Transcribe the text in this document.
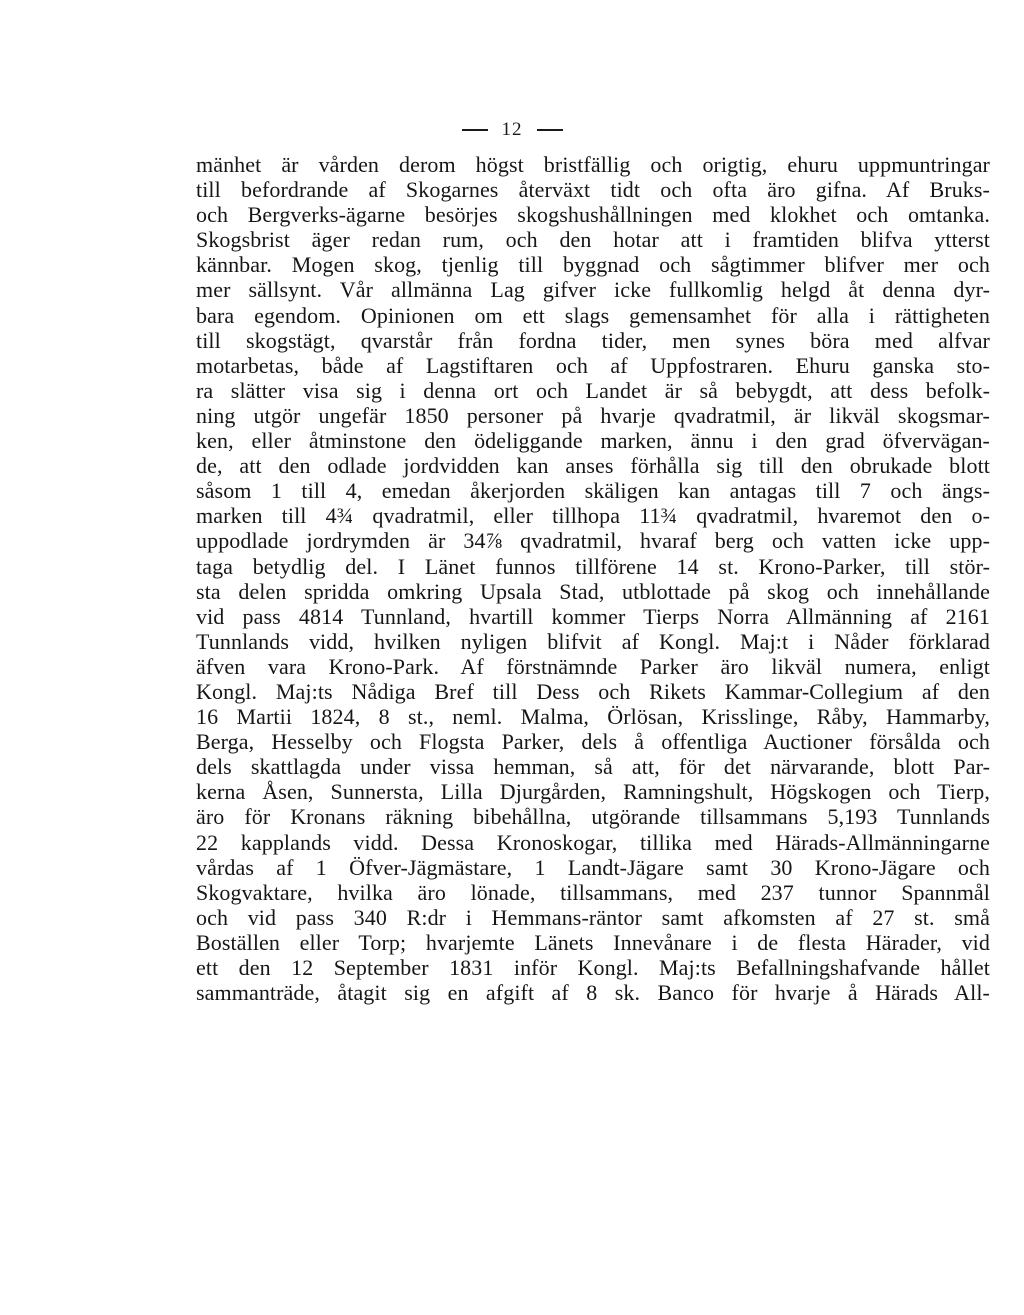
12
mänhet är vården derom högst bristfällig och origtig, ehuru uppmuntringar
till befordrande af Skogarnes återväxt tidt och ofta äro gifna. Af Bruks-
och Bergverks-ägarne besörjes skogshushållningen med klokhet och omtanka.
Skogsbrist äger redan rum, och den hotar att i framtiden blifva ytterst
kännbar. Mogen skog, tjenlig till byggnad och sågtimmer blifver mer och
mer sällsynt. Vår allmänna Lag gifver icke fullkomlig helgd åt denna dyr-
bara egendom. Opinionen om ett slags gemensamhet för alla i rättigheten
till skogstägt, qvarstår från fordna tider, men synes böra med alfvar
motarbetas, både af Lagstiftaren och af Uppfostraren. Ehuru ganska sto-
ra slätter visa sig i denna ort och Landet är så bebygdt, att dess befolk-
ning utgör ungefär 1850 personer på hvarje qvadratmil, är likväl skogsmar-
ken, eller åtminstone den ödeliggande marken, ännu i den grad öfvervägan-
de, att den odlade jordvidden kan anses förhålla sig till den obrukade blott
såsom 1 till 4, emedan åkerjorden skäligen kan antagas till 7 och ängs-
marken till 4¾ qvadratmil, eller tillhopa 11¾ qvadratmil, hvaremot den o-
uppodlade jordrymden är 34⅞ qvadratmil, hvaraf berg och vatten icke upp-
taga betydlig del. I Länet funnos tillförene 14 st. Krono-Parker, till stör-
sta delen spridda omkring Upsala Stad, utblottade på skog och innehållande
vid pass 4814 Tunnland, hvartill kommer Tierps Norra Allmänning af 2161
Tunnlands vidd, hvilken nyligen blifvit af Kongl. Maj:t i Nåder förklarad
äfven vara Krono-Park. Af förstnämnde Parker äro likväl numera, enligt
Kongl. Maj:ts Nådiga Bref till Dess och Rikets Kammar-Collegium af den
16 Martii 1824, 8 st., neml. Malma, Örlösan, Krisslinge, Råby, Hammarby,
Berga, Hesselby och Flogsta Parker, dels å offentliga Auctioner försålda och
dels skattlagda under vissa hemman, så att, för det närvarande, blott Par-
kerna Åsen, Sunnersta, Lilla Djurgården, Ramningshult, Högskogen och Tierp,
äro för Kronans räkning bibehållna, utgörande tillsammans 5,193 Tunnlands
22 kapplands vidd. Dessa Kronoskogar, tillika med Härads-Allmänningarne
vårdas af 1 Öfver-Jägmästare, 1 Landt-Jägare samt 30 Krono-Jägare och
Skogvaktare, hvilka äro lönade, tillsammans, med 237 tunnor Spannmål
och vid pass 340 R:dr i Hemmans-räntor samt afkomsten af 27 st. små
Boställen eller Torp; hvarjemte Länets Innevånare i de flesta Härader, vid
ett den 12 September 1831 inför Kongl. Maj:ts Befallningshafvande hållet
sammanträde, åtagit sig en afgift af 8 sk. Banco för hvarje å Härads All-
